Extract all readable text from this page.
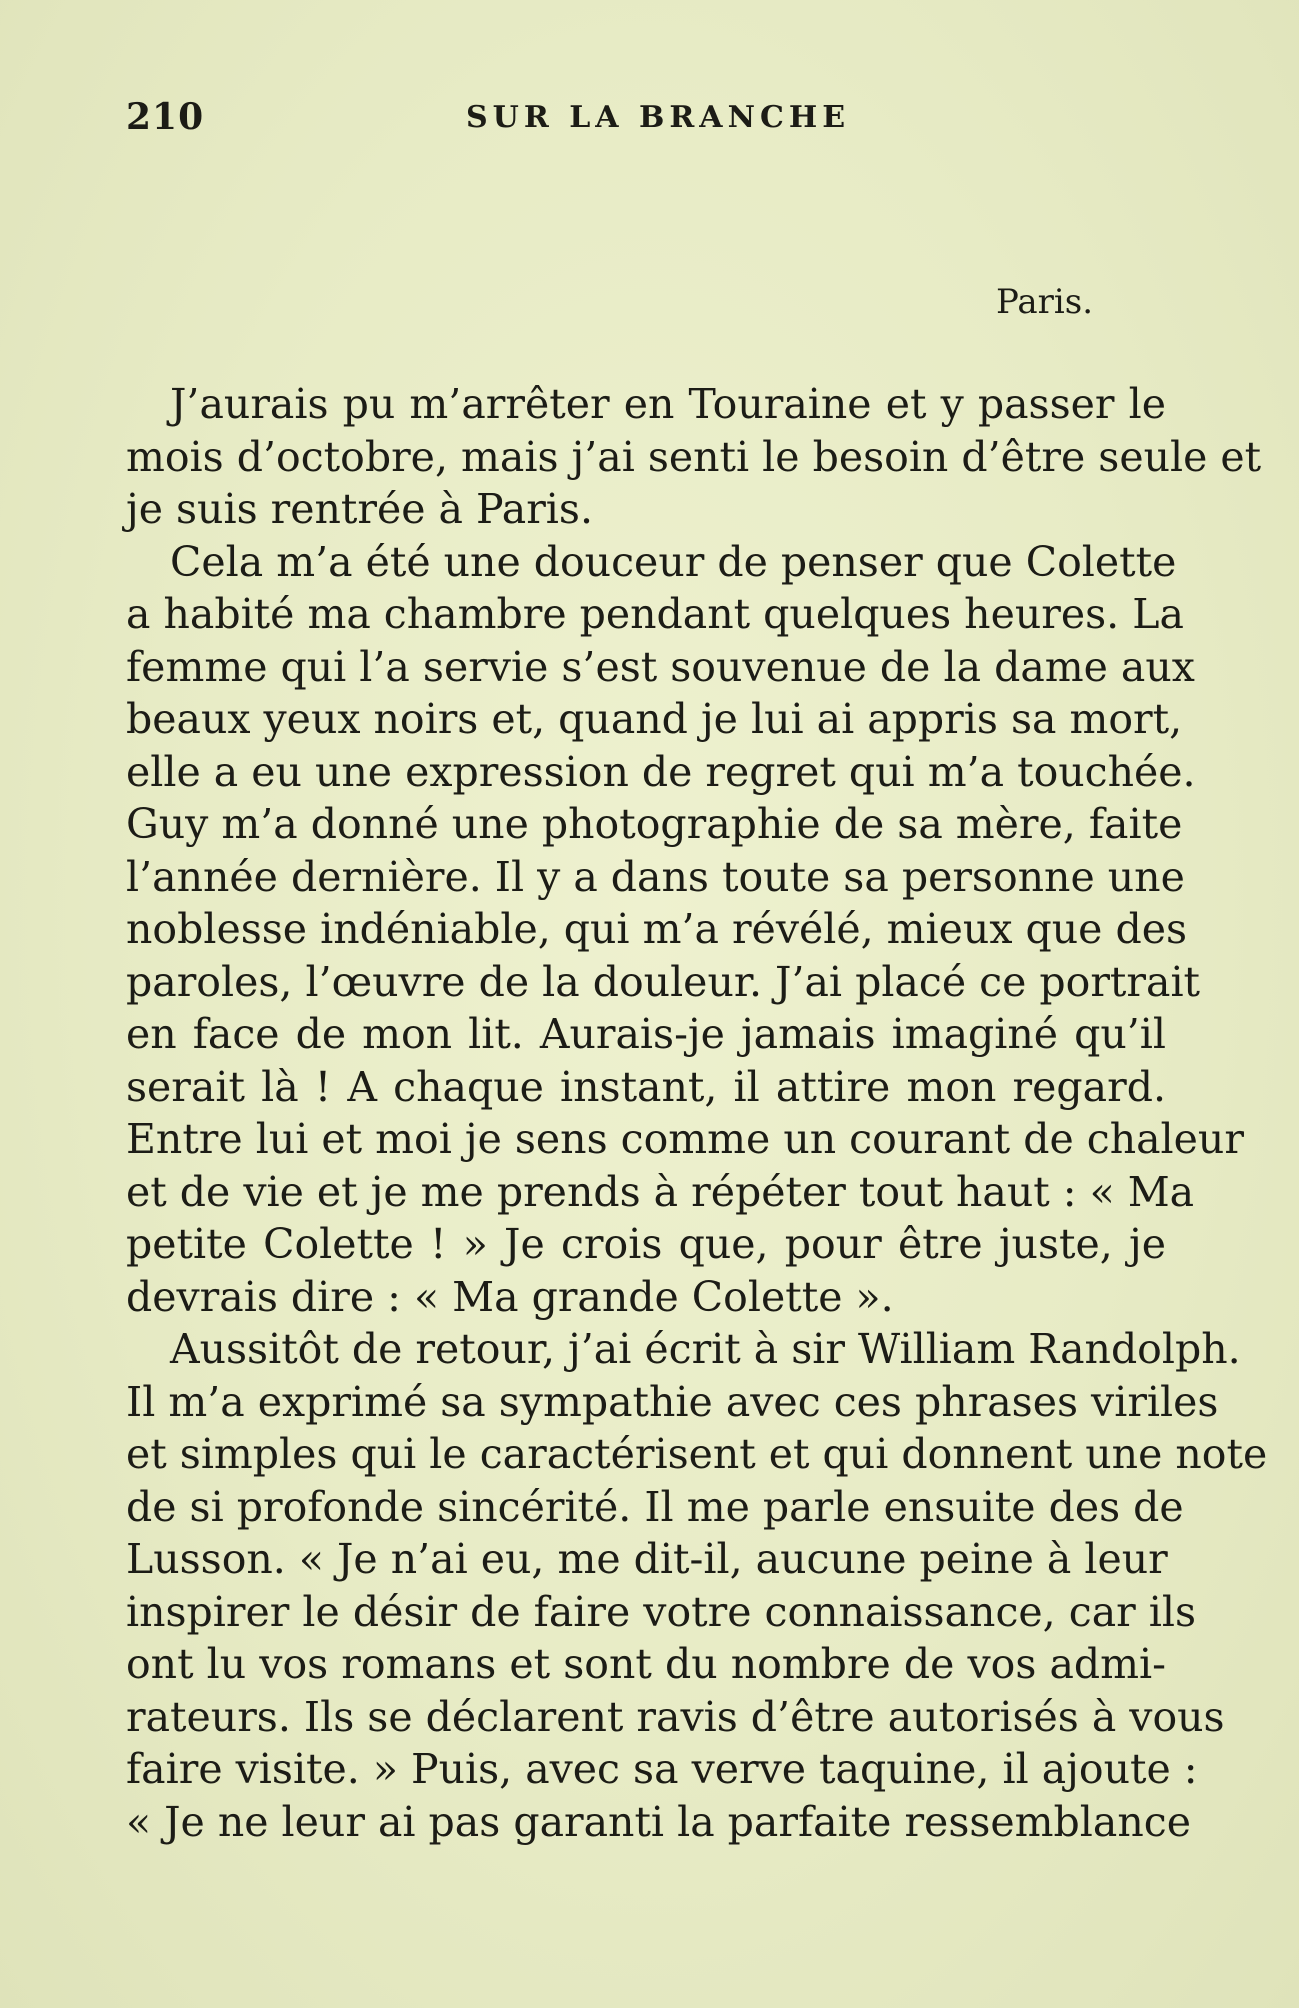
210	SUR LA BRANCHE
Paris.
J’aurais pu m’arrêter en Touraine et y passer le
mois d’octobre, mais j’ai senti le besoin d’être seule et
je suis rentrée à Paris.
Cela m’a été une douceur de penser que Colette
a habité ma chambre pendant quelques heures. La
femme qui l’a servie s’est souvenue de la dame aux
beaux yeux noirs et, quand je lui ai appris sa mort,
elle a eu une expression de regret qui m’a touchée.
Guy m’a donné une photographie de sa mère, faite
l’année dernière. Il y a dans toute sa personne une
noblesse indéniable, qui m’a révélé, mieux que des
paroles, l’œuvre de la douleur. J’ai placé ce portrait
en face de mon lit. Aurais-je jamais imaginé qu’il
serait là ! A chaque instant, il attire mon regard.
Entre lui et moi je sens comme un courant de chaleur
et de vie et je me prends à répéter tout haut : « Ma
petite Colette ! » Je crois que, pour être juste, je
devrais dire : « Ma grande Colette ».
Aussitôt de retour, j’ai écrit à sir William Randolph.
Il m’a exprimé sa sympathie avec ces phrases viriles
et simples qui le caractérisent et qui donnent une note
de si profonde sincérité. Il me parle ensuite des de
Lusson. « Je n’ai eu, me dit-il, aucune peine à leur
inspirer le désir de faire votre connaissance, car ils
ont lu vos romans et sont du nombre de vos admi-
rateurs. Ils se déclarent ravis d’être autorisés à vous
faire visite. » Puis, avec sa verve taquine, il ajoute :
« Je ne leur ai pas garanti la parfaite ressemblance
